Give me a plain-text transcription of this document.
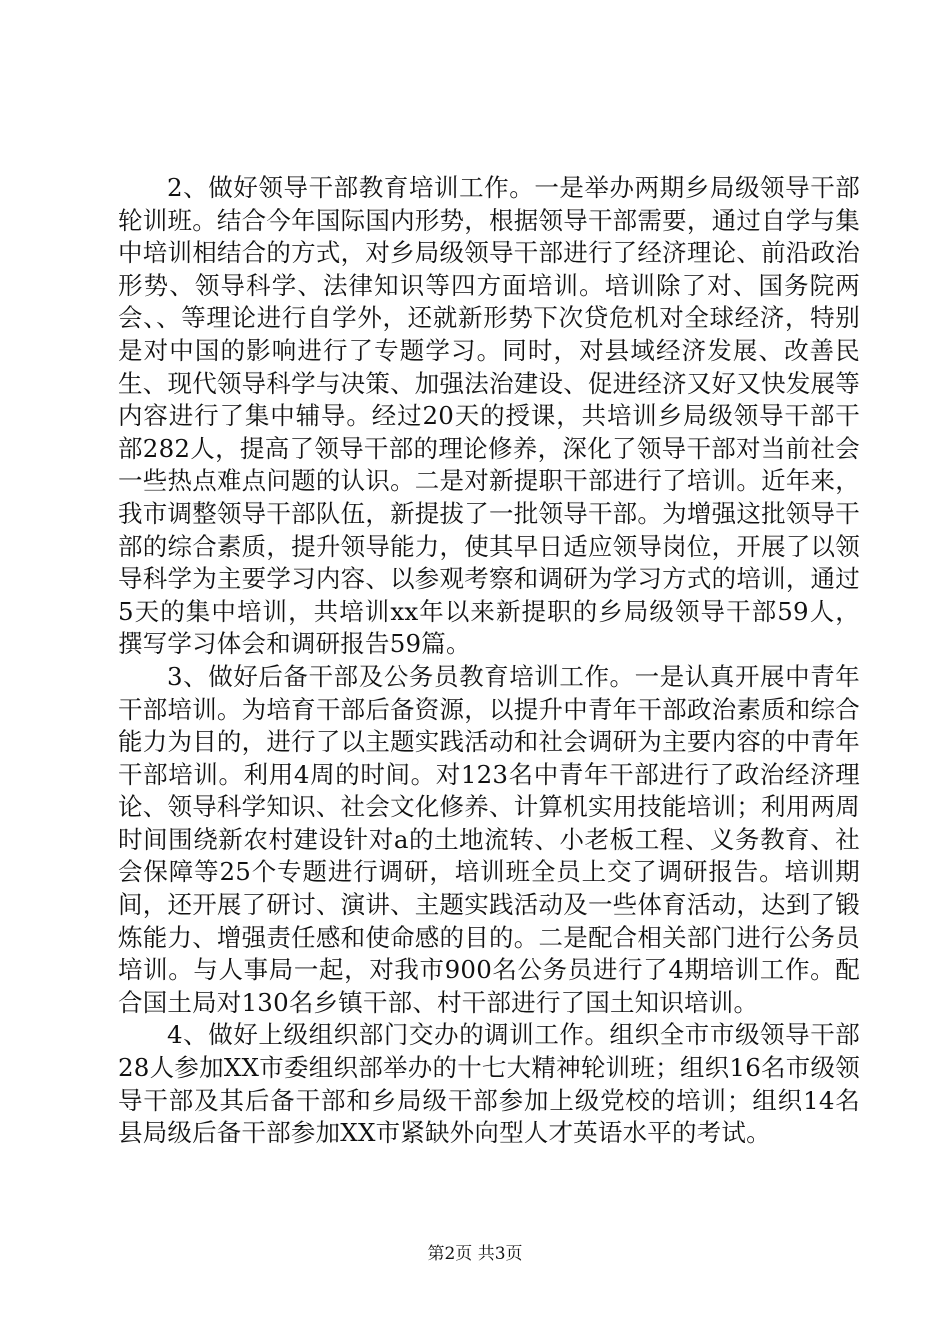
2、做好领导干部教育培训工作。一是举办两期乡局级领导干部轮训班。结合今年国际国内形势，根据领导干部需要，通过自学与集中培训相结合的方式，对乡局级领导干部进行了经济理论、前沿政治形势、领导科学、法律知识等四方面培训。培训除了对、国务院两会、、等理论进行自学外，还就新形势下次贷危机对全球经济，特别是对中国的影响进行了专题学习。同时，对县域经济发展、改善民生、现代领导科学与决策、加强法治建设、促进经济又好又快发展等内容进行了集中辅导。经过20天的授课，共培训乡局级领导干部干部282人，提高了领导干部的理论修养，深化了领导干部对当前社会一些热点难点问题的认识。二是对新提职干部进行了培训。近年来，我市调整领导干部队伍，新提拔了一批领导干部。为增强这批领导干部的综合素质，提升领导能力，使其早日适应领导岗位，开展了以领导科学为主要学习内容、以参观考察和调研为学习方式的培训，通过5天的集中培训，共培训xx年以来新提职的乡局级领导干部59人，撰写学习体会和调研报告59篇。

3、做好后备干部及公务员教育培训工作。一是认真开展中青年干部培训。为培育干部后备资源，以提升中青年干部政治素质和综合能力为目的，进行了以主题实践活动和社会调研为主要内容的中青年干部培训。利用4周的时间。对123名中青年干部进行了政治经济理论、领导科学知识、社会文化修养、计算机实用技能培训；利用两周时间围绕新农村建设针对a的土地流转、小老板工程、义务教育、社会保障等25个专题进行调研，培训班全员上交了调研报告。培训期间，还开展了研讨、演讲、主题实践活动及一些体育活动，达到了锻炼能力、增强责任感和使命感的目的。二是配合相关部门进行公务员培训。与人事局一起，对我市900名公务员进行了4期培训工作。配合国土局对130名乡镇干部、村干部进行了国土知识培训。

4、做好上级组织部门交办的调训工作。组织全市市级领导干部28人参加XX市委组织部举办的十七大精神轮训班；组织16名市级领导干部及其后备干部和乡局级干部参加上级党校的培训；组织14名县局级后备干部参加XX市紧缺外向型人才英语水平的考试。

第2页 共3页
